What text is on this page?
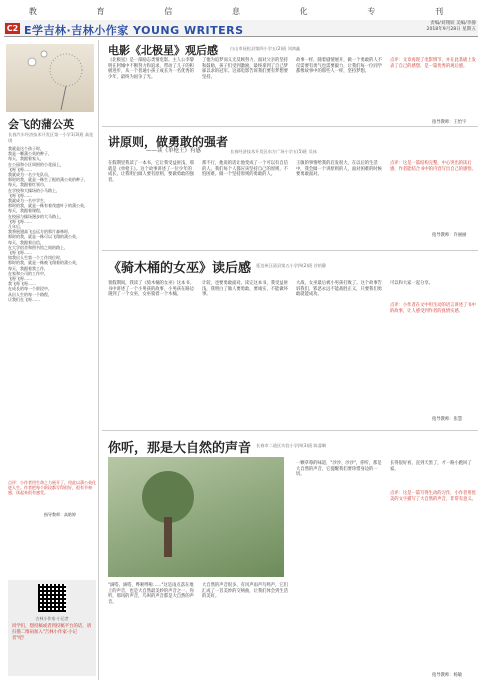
教	育	信	息	化	专	刊
C2 E学吉林·吉林小作家 YOUNG WRITERS
责编/刘翔姣 美编/李静
2018年9月28日 星期五
会飞的蒲公英
长春汽车经济技术开发区第一小学1(3)班 高佳琪
我就是这个孩子时，
我是一颗蒲公英的种子，
每天，我跟着家人，
在公园和小区周围的小花园上，
飞呀飞呀……
我就成为一名少先队员，
那时的我，就是一株生了根的蒲公英的种子，
每天，我跟着红领巾，
在学校和大操场的小马路上，
飞呀飞呀……
我就成为一名中学生，
那时的我，就是一株有着茂盛叶子的蒲公英，
每天，我跟着课程，
在校园与操场漫步的大马路上，
飞呀飞呀……
几年后，
我将展翅高飞去远方的那片森林时，
那时的我，就是一株可以飞翔的蒲公英，
每天，我跟着自信，
在大学宿舍和图书馆之间的路上，
飞呀飞呀……
如我出人生第一个工作岗位时，
那时的我，就是一株被飞翔着的蒲公英，
每天，我跟着我工作，
在家和公司的工作中，
飞呀飞呀……
我飞呀飞呀……
在成长的每一个阶段中，
从出人生的每一个路程，
让我们在飞呀……
点评：小作者用生命之力展开了，用此以蒲公英化进人生。作者把每个阶段都写得很好，很有节奏感，读起来很有感受。
指导教师：高皓婷
吉林小作家·小记者
同学们，想投稿或者到投稿平台的话，请扫描二维码加入"吉林小作家·小记者"吧！
电影《北极星》观后感	白山市抚松县第四小学五(2)班 刘鸿鑫
《北极星》是一部励志类情电影。主人公李黎明在阿城中不断努力和追求，带动了儿子的积极进步，从一个普通小孩子成长为一名优秀的少年，最终为国争了光。
了他为追梦而义无反顾努力，面对父亲的坚持和鼓励，孩子们受到激励，最终拿到了自己梦寐以求的冠军。这部电影告诉我们要有梦想要坚持。
故事一样，随着剧情展开，做一个勇敢的人不仅需要有勇气也需要毅力，让我们每一位同学都像故事中的那些人一样，坚持梦想。
点评：文章再现了电影情节，并在此基础上发表了自己的感想，是一篇优秀的观后感。
指导教师：王怡宇
讲原则，做勇敢的强者
——读《单枪王》有感	长春经济技术开发区东方广场小学五(5)班 吴冰
在假期里我读了一本书，它让我受益匪浅，那就是《单枪王》。这个故事讲述了一位少年的成长，让我明白做人要有原则，要做勇敢的强者。
那不行，他说的话让他变成了一个可以有自信的人。我们每个人都应该坚持自己的原则，不怕困难，做一个坚持原则的勇敢的人。
王敏的事情给我的启发很大，在以后的生活中，我会做一个讲原则的人，面对困难的时候要勇敢面对。
点评：这是一篇结构完整，中心突出的读后感，作者能结合书中的内容写出自己的感悟。
指导教师：许丽丽
《骑木桶的女巫》读后感 延边州汪清县第五小学四(2)班 谷怡静
暑假期间，我读了《骑木桶的女巫》这本书，书中讲述了一个小男孩的故事，小男孩在路边遇到了一个女巫，女巫骑着一个木桶。
计较，也要勇敢面对。读完这本书，我受益匪浅，我明白了做人要勇敢，要诚实，不能做坏事。
大战，女巫最后被小男孩打败了。这个故事告诉我们，邪恶永远不能战胜正义，只要我们勇敢就能成功。
可以和大家一起分享。
点评：小作者在文中用生动的语言讲述了书中的故事，让人感受到作者的真情实感。
指导教师：张慧
你听，那是大自然的声音 长春市二道区实验小学四(3)班 陈睿琳
"滴嗒，滴嗒，哗啦哗啦……"这是雨点落在地上的声音，也是大自然最美妙的声音之一。你听，那风的声音，鸟叫的声音都是大自然的声音。
大自然的声音很多，有风声雨声鸟鸣声，它们汇成了一首美妙的交响曲，让我们体会到生活的美好。
一颗草莓的味道，"沙沙、沙沙"，你听，那是大自然的声音，它提醒我们要珍惜身边的一切。
长得很好看，直到天黑了，才一路小跑回了家。
点评：这是一篇写得生动的习作，小作者用优美的文字描写了大自然的声音，非常有意义。
指导教师：杨敏
